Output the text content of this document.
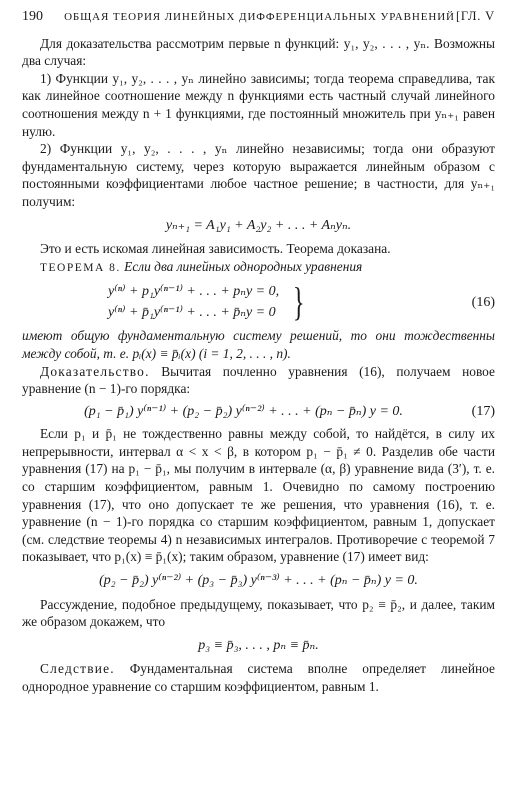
190 ОБЩАЯ ТЕОРИЯ ЛИНЕЙНЫХ ДИФФЕРЕНЦИАЛЬНЫХ УРАВНЕНИЙ [ГЛ. V

Для доказательства рассмотрим первые n функций: y₁, y₂, . . . , yₙ. Возможны два случая:

1) Функции y₁, y₂, . . . , yₙ линейно зависимы; тогда теорема справедлива, так как линейное соотношение между n функциями есть частный случай линейного соотношения между n + 1 функциями, где постоянный множитель при yₙ₊₁ равен нулю.

2) Функции y₁, y₂, . . . , yₙ линейно независимы; тогда они образуют фундаментальную систему, через которую выражается линейным образом с постоянными коэффициентами любое частное решение; в частности, для yₙ₊₁ получим:

yₙ₊₁ = A₁y₁ + A₂y₂ + . . . + Aₙyₙ.

Это и есть искомая линейная зависимость. Теорема доказана.

ТЕОРЕМА 8. Если два линейных однородных уравнения

y⁽ⁿ⁾ + p₁y⁽ⁿ⁻¹⁾ + . . . + pₙy = 0,
y⁽ⁿ⁾ + p̄₁y⁽ⁿ⁻¹⁾ + . . . + p̄ₙy = 0 }	(16)

имеют общую фундаментальную систему решений, то они тождественны между собой, т. е. pᵢ(x) ≡ p̄ᵢ(x) (i = 1, 2, . . . , n).

Доказательство. Вычитая почленно уравнения (16), получаем новое уравнение (n − 1)-го порядка:

(p₁ − p̄₁) y⁽ⁿ⁻¹⁾ + (p₂ − p̄₂) y⁽ⁿ⁻²⁾ + . . . + (pₙ − p̄ₙ) y = 0.	(17)

Если p₁ и p̄₁ не тождественно равны между собой, то найдётся, в силу их непрерывности, интервал α < x < β, в котором p₁ − p̄₁ ≠ 0. Разделив обе части уравнения (17) на p₁ − p̄₁, мы получим в интервале (α, β) уравнение вида (3′), т. е. со старшим коэффициентом, равным 1. Очевидно по самому построению уравнения (17), что оно допускает те же решения, что уравнения (16), т. е. уравнение (n − 1)-го порядка со старшим коэффициентом, равным 1, допускает (см. следствие теоремы 4) n независимых интегралов. Противоречие с теоремой 7 показывает, что p₁(x) ≡ p̄₁(x); таким образом, уравнение (17) имеет вид:

(p₂ − p̄₂) y⁽ⁿ⁻²⁾ + (p₃ − p̄₃) y⁽ⁿ⁻³⁾ + . . . + (pₙ − p̄ₙ) y = 0.

Рассуждение, подобное предыдущему, показывает, что p₂ ≡ p̄₂, и далее, таким же образом докажем, что

p₃ ≡ p̄₃, . . . , pₙ ≡ p̄ₙ.

Следствие. Фундаментальная система вполне определяет линейное однородное уравнение со старшим коэффициентом, равным 1.
